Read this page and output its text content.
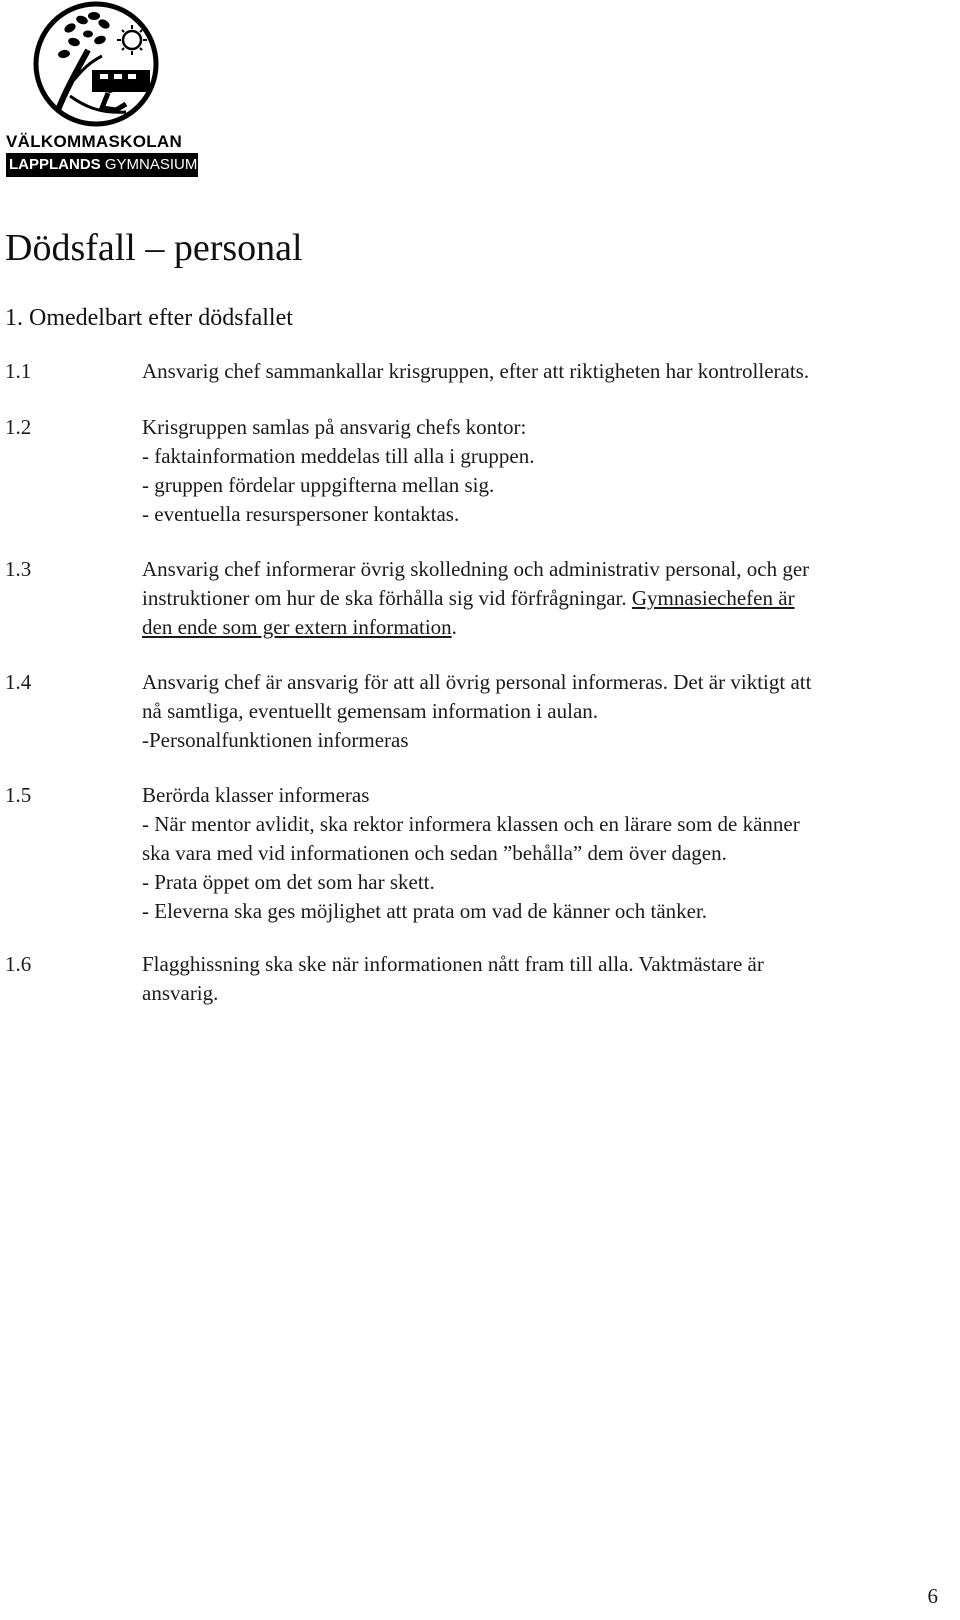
VÄLKOMMASKOLAN
LAPPLANDS GYMNASIUM
Dödsfall – personal
1. Omedelbart efter dödsfallet
1.1	Ansvarig chef sammankallar krisgruppen, efter att riktigheten har kontrollerats.
1.2	Krisgruppen samlas på ansvarig chefs kontor:
- faktainformation meddelas till alla i gruppen.
- gruppen fördelar uppgifterna mellan sig.
- eventuella resurspersoner kontaktas.
1.3	Ansvarig chef informerar övrig skolledning och administrativ personal, och ger
instruktioner om hur de ska förhålla sig vid förfrågningar. Gymnasiechefen är
den ende som ger extern information.
1.4	Ansvarig chef är ansvarig för att all övrig personal informeras. Det är viktigt att
nå samtliga, eventuellt gemensam information i aulan.
-Personalfunktionen informeras
1.5	Berörda klasser informeras
- När mentor avlidit, ska rektor informera klassen och en lärare som de känner
ska vara med vid informationen och sedan ”behålla” dem över dagen.
- Prata öppet om det som har skett.
- Eleverna ska ges möjlighet att prata om vad de känner och tänker.
1.6	Flagghissning ska ske när informationen nått fram till alla. Vaktmästare är
ansvarig.
6
